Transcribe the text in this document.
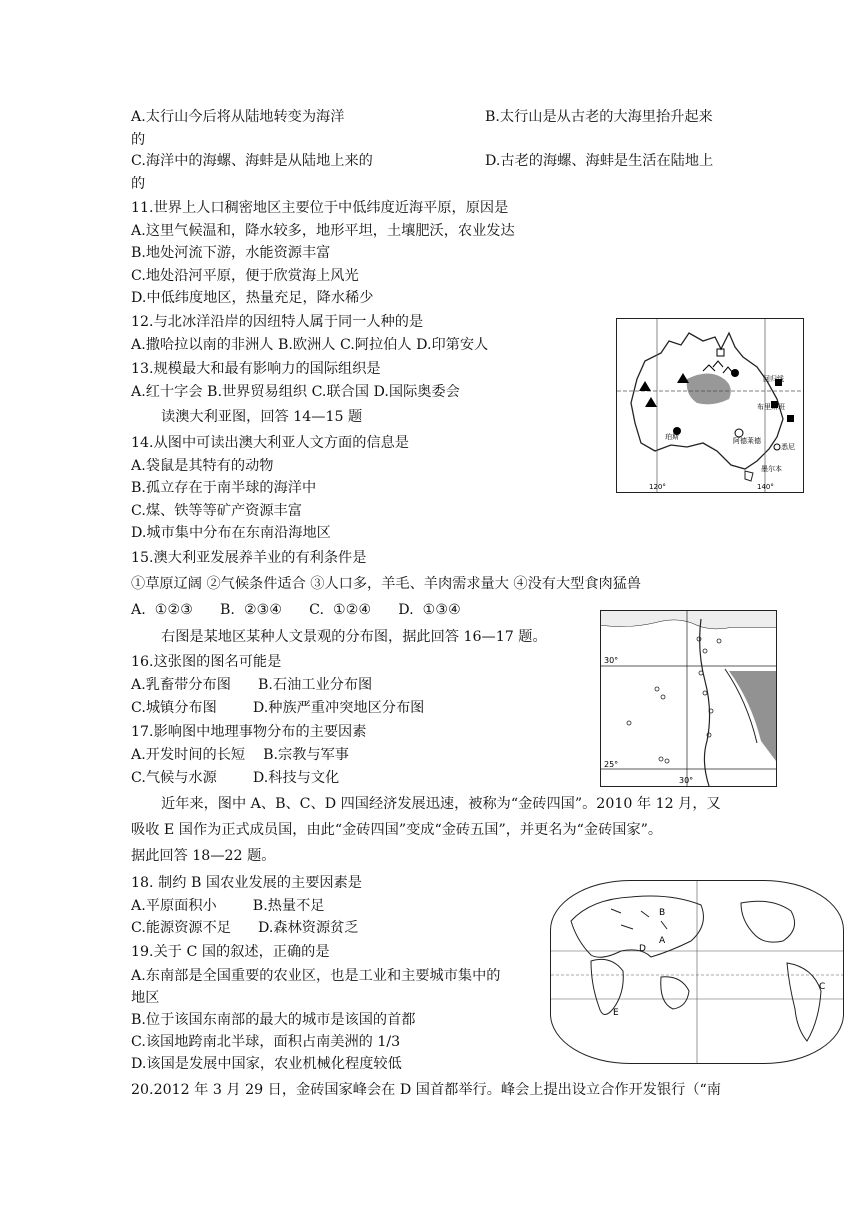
A.太行山今后将从陆地转变为海洋	B.太行山是从古老的大海里抬升起来
的
C.海洋中的海螺、海蚌是从陆地上来的	D.古老的海螺、海蚌是生活在陆地上
的
11.世界上人口稠密地区主要位于中低纬度近海平原，原因是
A.这里气候温和，降水较多，地形平坦，土壤肥沃，农业发达
B.地处河流下游，水能资源丰富
C.地处沿河平原，便于欣赏海上风光
D.中低纬度地区，热量充足，降水稀少
12.与北冰洋沿岸的因纽特人属于同一人种的是
A.撒哈拉以南的非洲人 B.欧洲人 C.阿拉伯人 D.印第安人
13.规模最大和最有影响力的国际组织是
A.红十字会 B.世界贸易组织 C.联合国 D.国际奥委会
读澳大利亚图，回答 14—15 题
14.从图中可读出澳大利亚人文方面的信息是
A.袋鼠是其特有的动物
B.孤立存在于南半球的海洋中
C.煤、铁等等矿产资源丰富
D.城市集中分布在东南沿海地区
15.澳大利亚发展养羊业的有利条件是
①草原辽阔 ②气候条件适合 ③人口多，羊毛、羊肉需求量大 ④没有大型食肉猛兽
A.  ①②③      B.  ②③④      C.  ①②④      D.  ①③④
右图是某地区某种人文景观的分布图，据此回答 16—17 题。
16.这张图的图名可能是
A.乳畜带分布图      B.石油工业分布图
C.城镇分布图        D.种族严重冲突地区分布图
17.影响图中地理事物分布的主要因素
A.开发时间的长短    B.宗教与军事
C.气候与水源        D.科技与文化
近年来，图中 A、B、C、D 四国经济发展迅速，被称为“金砖四国”。2010 年 12 月，又
吸收 E 国作为正式成员国，由此“金砖四国”变成“金砖五国”，并更名为“金砖国家”。
据此回答 18—22 题。
18. 制约 B 国农业发展的主要因素是
A.平原面积小        B.热量不足
C.能源资源不足      D.森林资源贫乏
19.关于 C 国的叙述，正确的是
A.东南部是全国重要的农业区，也是工业和主要城市集中的
地区
B.位于该国东南部的最大的城市是该国的首都
C.该国地跨南北半球，面积占南美洲的 1/3
D.该国是发展中国家，农业机械化程度较低
20.2012 年 3 月 29 日，金砖国家峰会在 D 国首都举行。峰会上提出设立合作开发银行（“南
回归线
布里斯班
悉尼
墨尔本
阿德莱德
珀斯
120°	140°
30°
25°
30°
B
A
D
C
E
